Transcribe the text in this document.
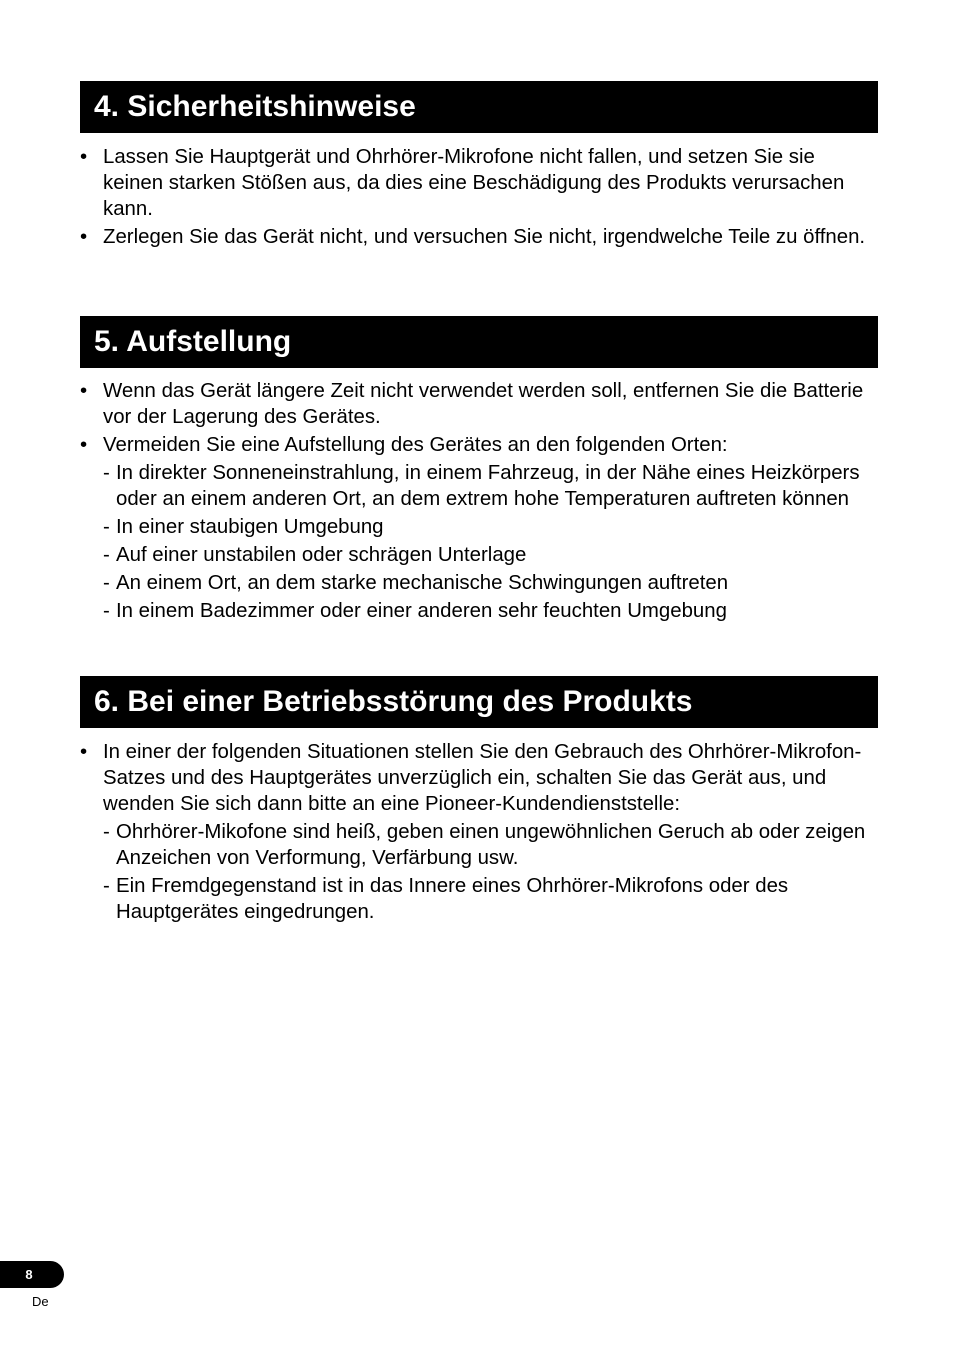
4. Sicherheitshinweise
• Lassen Sie Hauptgerät und Ohrhörer-Mikrofone nicht fallen, und setzen Sie sie keinen starken Stößen aus, da dies eine Beschädigung des Produkts verursachen kann.
• Zerlegen Sie das Gerät nicht, und versuchen Sie nicht, irgendwelche Teile zu öffnen.
5. Aufstellung
• Wenn das Gerät längere Zeit nicht verwendet werden soll, entfernen Sie die Batterie vor der Lagerung des Gerätes.
• Vermeiden Sie eine Aufstellung des Gerätes an den folgenden Orten:
- In direkter Sonneneinstrahlung, in einem Fahrzeug, in der Nähe eines Heizkörpers oder an einem anderen Ort, an dem extrem hohe Temperaturen auftreten können
- In einer staubigen Umgebung
- Auf einer unstabilen oder schrägen Unterlage
- An einem Ort, an dem starke mechanische Schwingungen auftreten
- In einem Badezimmer oder einer anderen sehr feuchten Umgebung
6. Bei einer Betriebsstörung des Produkts
• In einer der folgenden Situationen stellen Sie den Gebrauch des Ohrhörer-Mikrofon-Satzes und des Hauptgerätes unverzüglich ein, schalten Sie das Gerät aus, und wenden Sie sich dann bitte an eine Pioneer-Kundendienststelle:
- Ohrhörer-Mikofone sind heiß, geben einen ungewöhnlichen Geruch ab oder zeigen Anzeichen von Verformung, Verfärbung usw.
- Ein Fremdgegenstand ist in das Innere eines Ohrhörer-Mikrofons oder des Hauptgerätes eingedrungen.
8
De
